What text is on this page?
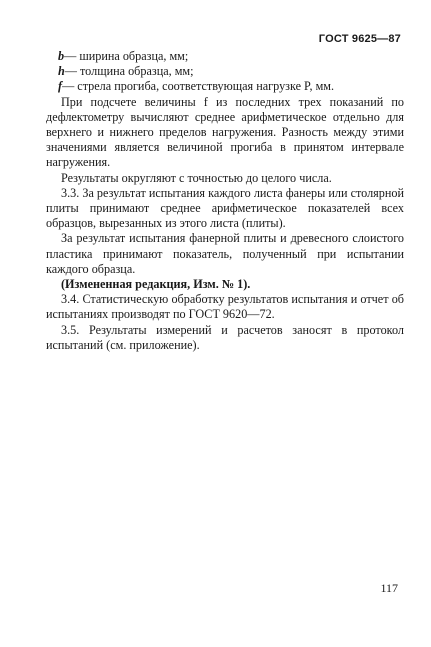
ГОСТ 9625—87

b— ширина образца, мм;

h— толщина образца, мм;

f— стрела прогиба, соответствующая нагрузке P, мм.

При подсчете величины f из последних трех показаний по дефлектометру вычисляют среднее арифметическое отдельно для верхнего и нижнего пределов нагружения. Разность между этими значениями является величиной прогиба в принятом интервале нагружения.

Результаты округляют с точностью до целого числа.

3.3. За результат испытания каждого листа фанеры или столярной плиты принимают среднее арифметическое показателей всех образцов, вырезанных из этого листа (плиты).

За результат испытания фанерной плиты и древесного слоистого пластика принимают показатель, полученный при испытании каждого образца.

(Измененная редакция, Изм. № 1).

3.4. Статистическую обработку результатов испытания и отчет об испытаниях производят по ГОСТ 9620—72.

3.5. Результаты измерений и расчетов заносят в протокол испытаний (см. приложение).

117
